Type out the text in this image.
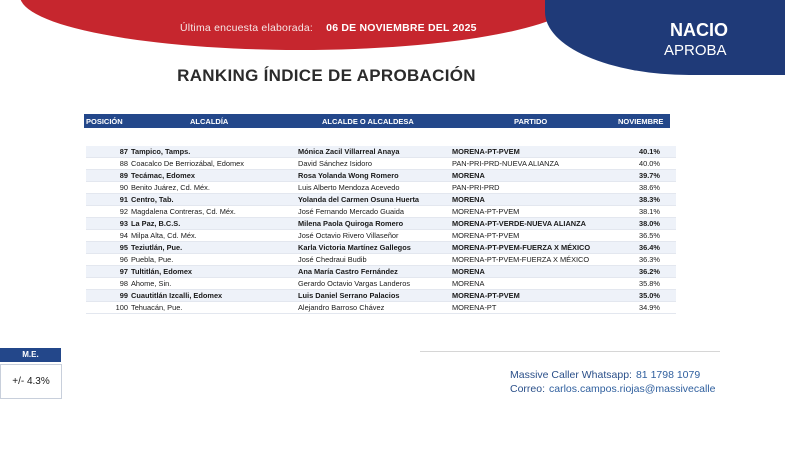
Última encuesta elaborada: 06 DE NOVIEMBRE DEL 2025	NACIO
APROBA
RANKING ÍNDICE DE APROBACIÓN
POSICIÓN	ALCALDÍA	ALCALDE O ALCALDESA	PARTIDO	NOVIEMBRE
87 Tampico, Tamps.	Mónica Zacil Villarreal Anaya	MORENA-PT-PVEM	40.1%
88 Coacalco De Berriozábal, Edomex	David Sánchez Isidoro	PAN-PRI-PRD-NUEVA ALIANZA	40.0%
89 Tecámac, Edomex	Rosa Yolanda Wong Romero	MORENA	39.7%
90 Benito Juárez, Cd. Méx.	Luis Alberto Mendoza Acevedo	PAN-PRI-PRD	38.6%
91 Centro, Tab.	Yolanda del Carmen Osuna Huerta	MORENA	38.3%
92 Magdalena Contreras, Cd. Méx.	José Fernando Mercado Guaida	MORENA-PT-PVEM	38.1%
93 La Paz, B.C.S.	Milena Paola Quiroga Romero	MORENA-PT-VERDE-NUEVA ALIANZA	38.0%
94 Milpa Alta, Cd. Méx.	José Octavio Rivero Villaseñor	MORENA-PT-PVEM	36.5%
95 Teziutlán, Pue.	Karla Victoria Martínez Gallegos	MORENA-PT-PVEM-FUERZA X MÉXICO	36.4%
96 Puebla, Pue.	José Chedraui Budib	MORENA-PT-PVEM-FUERZA X MÉXICO	36.3%
97 Tultitlán, Edomex	Ana María Castro Fernández	MORENA	36.2%
98 Ahome, Sin.	Gerardo Octavio Vargas Landeros	MORENA	35.8%
99 Cuautitlán Izcalli, Edomex	Luis Daniel Serrano Palacios	MORENA-PT-PVEM	35.0%
100 Tehuacán, Pue.	Alejandro Barroso Chávez	MORENA-PT	34.9%
M.E.
+/- 4.3%
Massive Caller Whatsapp: 81 1798 1079
Correo: carlos.campos.riojas@massivecalle
